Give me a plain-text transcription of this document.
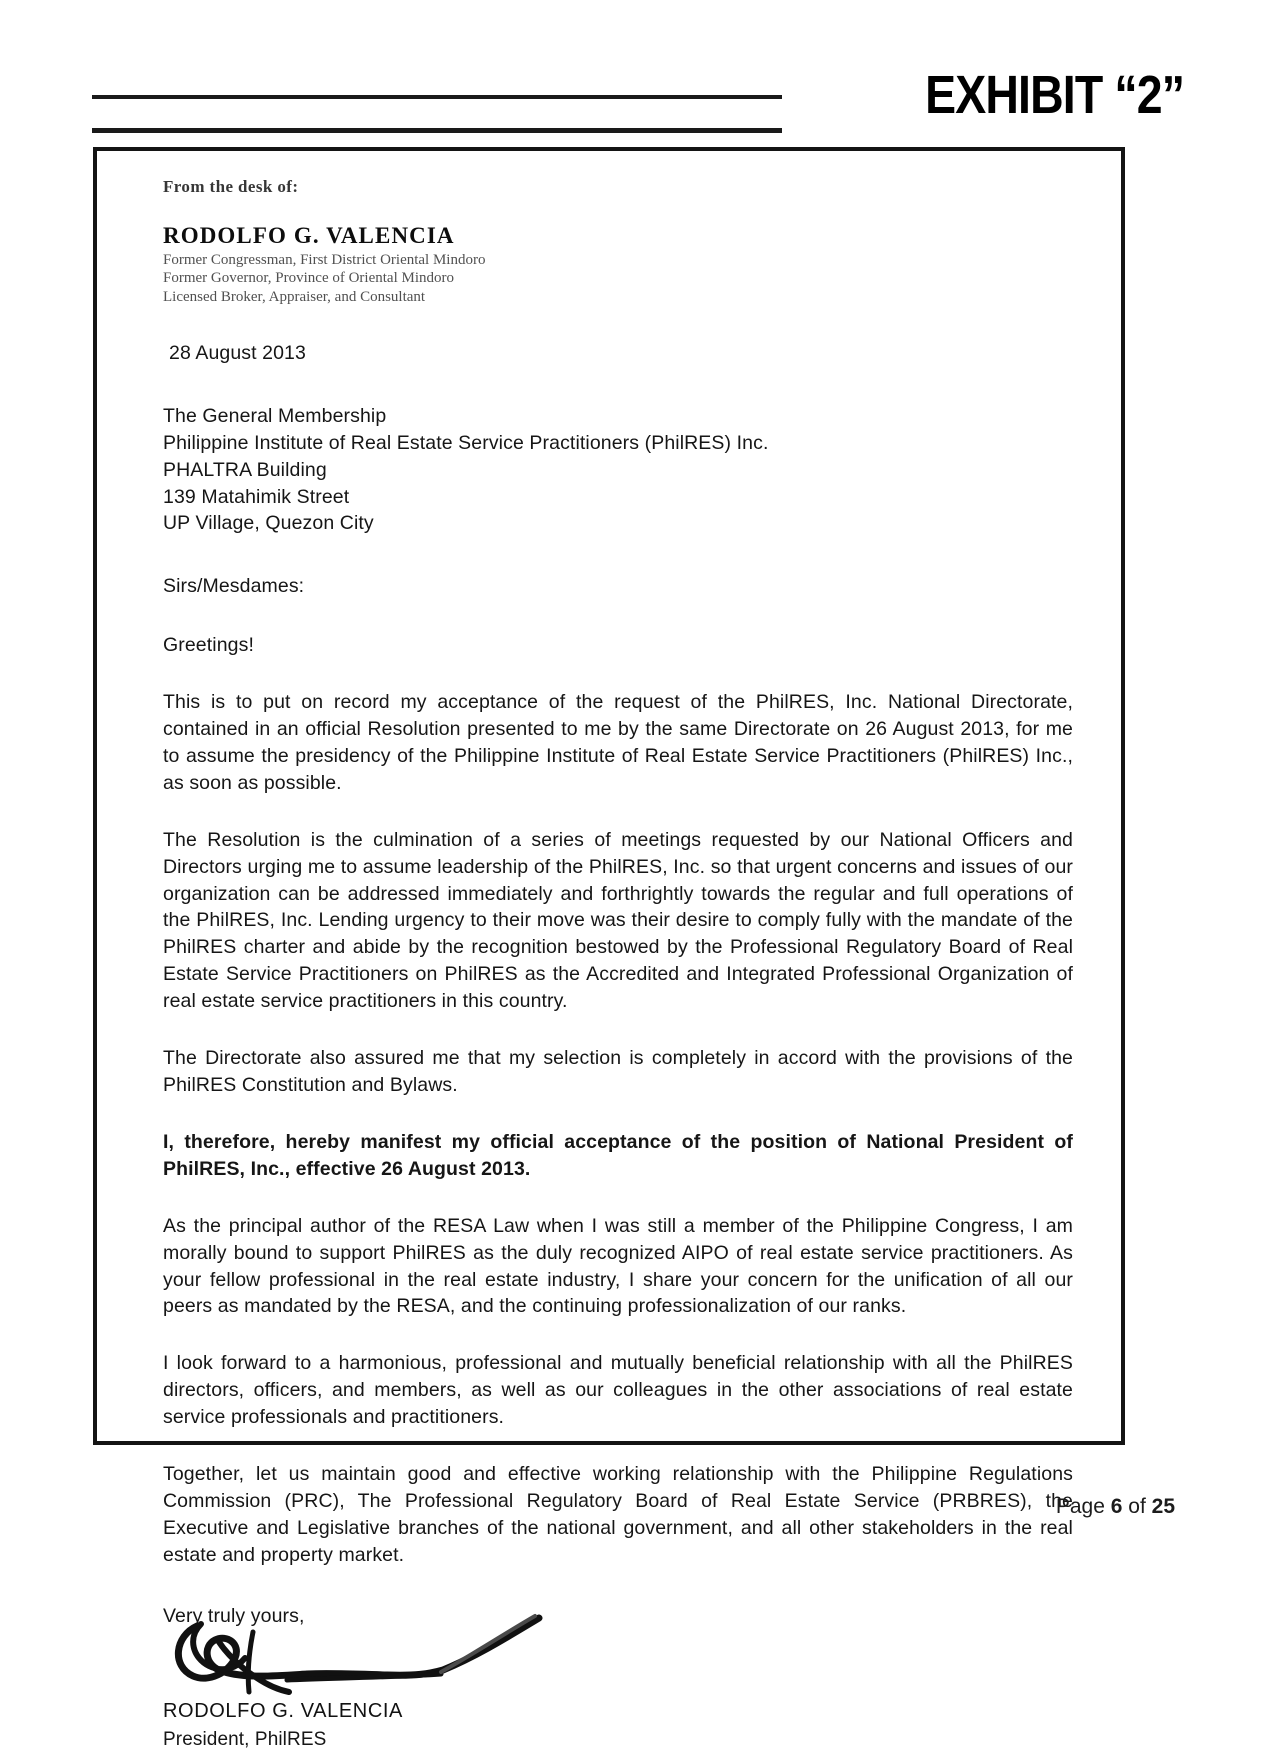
EXHIBIT “2”
From the desk of:
RODOLFO G. VALENCIA
Former Congressman, First District Oriental Mindoro
Former Governor, Province of Oriental Mindoro
Licensed Broker, Appraiser, and Consultant
28 August 2013
The General Membership
Philippine Institute of Real Estate Service Practitioners (PhilRES) Inc.
PHALTRA Building
139 Matahimik Street
UP Village, Quezon City
Sirs/Mesdames:
Greetings!

This is to put on record my acceptance of the request of the PhilRES, Inc. National Directorate, contained in an official Resolution presented to me by the same Directorate on 26 August 2013, for me to assume the presidency of the Philippine Institute of Real Estate Service Practitioners (PhilRES) Inc., as soon as possible.

The Resolution is the culmination of a series of meetings requested by our National Officers and Directors urging me to assume leadership of the PhilRES, Inc. so that urgent concerns and issues of our organization can be addressed immediately and forthrightly towards the regular and full operations of the PhilRES, Inc. Lending urgency to their move was their desire to comply fully with the mandate of the PhilRES charter and abide by the recognition bestowed by the Professional Regulatory Board of Real Estate Service Practitioners on PhilRES as the Accredited and Integrated Professional Organization of real estate service practitioners in this country.

The Directorate also assured me that my selection is completely in accord with the provisions of the PhilRES Constitution and Bylaws.

I, therefore, hereby manifest my official acceptance of the position of National President of PhilRES, Inc., effective 26 August 2013.

As the principal author of the RESA Law when I was still a member of the Philippine Congress, I am morally bound to support PhilRES as the duly recognized AIPO of real estate service practitioners. As your fellow professional in the real estate industry, I share your concern for the unification of all our peers as mandated by the RESA, and the continuing professionalization of our ranks.

I look forward to a harmonious, professional and mutually beneficial relationship with all the PhilRES directors, officers, and members, as well as our colleagues in the other associations of real estate service professionals and practitioners.

Together, let us maintain good and effective working relationship with the Philippine Regulations Commission (PRC), The Professional Regulatory Board of Real Estate Service (PRBRES), the Executive and Legislative branches of the national government, and all other stakeholders in the real estate and property market.

Very truly yours,
RODOLFO G. VALENCIA
President, PhilRES
Page 6 of 25
